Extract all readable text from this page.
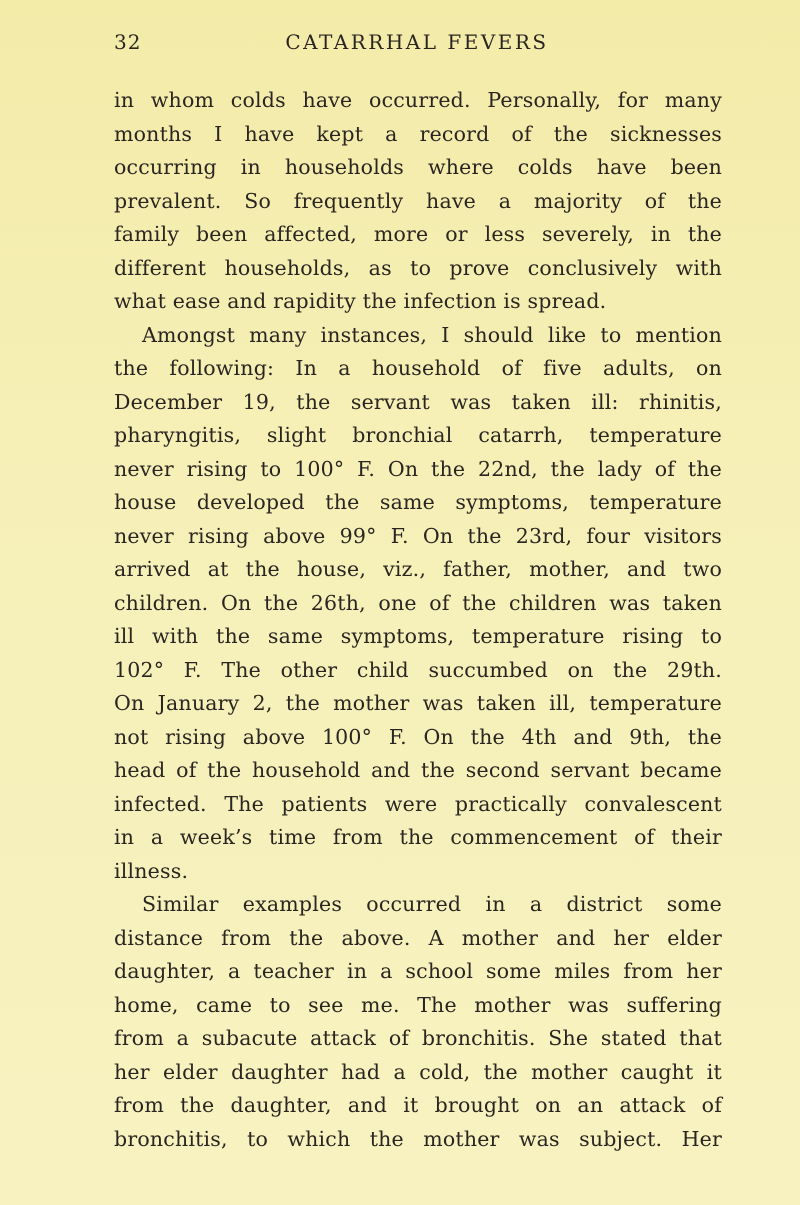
32	CATARRHAL FEVERS
in whom colds have occurred. Personally, for many
months I have kept a record of the sicknesses
occurring in households where colds have been
prevalent. So frequently have a majority of the
family been affected, more or less severely, in the
different households, as to prove conclusively with
what ease and rapidity the infection is spread.
Amongst many instances, I should like to mention
the following: In a household of five adults, on
December 19, the servant was taken ill: rhinitis,
pharyngitis, slight bronchial catarrh, temperature
never rising to 100° F. On the 22nd, the lady of the
house developed the same symptoms, temperature
never rising above 99° F. On the 23rd, four visitors
arrived at the house, viz., father, mother, and two
children. On the 26th, one of the children was taken
ill with the same symptoms, temperature rising to
102° F. The other child succumbed on the 29th.
On January 2, the mother was taken ill, temperature
not rising above 100° F. On the 4th and 9th, the
head of the household and the second servant became
infected. The patients were practically convalescent
in a week’s time from the commencement of their
illness.
Similar examples occurred in a district some
distance from the above. A mother and her elder
daughter, a teacher in a school some miles from her
home, came to see me. The mother was suffering
from a subacute attack of bronchitis. She stated that
her elder daughter had a cold, the mother caught it
from the daughter, and it brought on an attack of
bronchitis, to which the mother was subject. Her
